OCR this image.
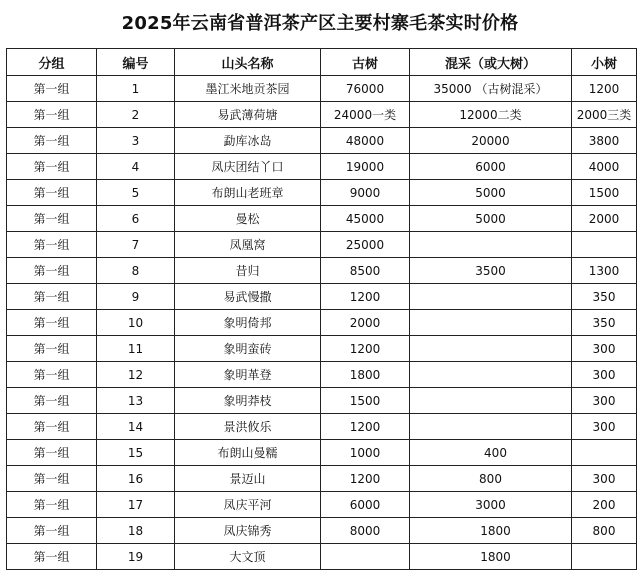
2025年云南省普洱茶产区主要村寨毛茶实时价格
分组	编号	山头名称	古树	混采（或大树）	小树
第一组	1	墨江米地贡茶园	76000	35000 （古树混采）	1200
第一组	2	易武薄荷塘	24000一类	12000二类	2000三类
第一组	3	勐库冰岛	48000	20000	3800
第一组	4	凤庆团结丫口	19000	6000	4000
第一组	5	布朗山老班章	9000	5000	1500
第一组	6	曼松	45000	5000	2000
第一组	7	凤凰窝	25000		
第一组	8	昔归	8500	3500	1300
第一组	9	易武慢撒	1200		350
第一组	10	象明倚邦	2000		350
第一组	11	象明蛮砖	1200		300
第一组	12	象明革登	1800		300
第一组	13	象明莽枝	1500		300
第一组	14	景洪攸乐	1200		300
第一组	15	布朗山曼糯	1000	400	
第一组	16	景迈山	1200	800	300
第一组	17	凤庆平河	6000	3000	200
第一组	18	凤庆锦秀	8000	1800	800
第一组	19	大文顶		1800	
